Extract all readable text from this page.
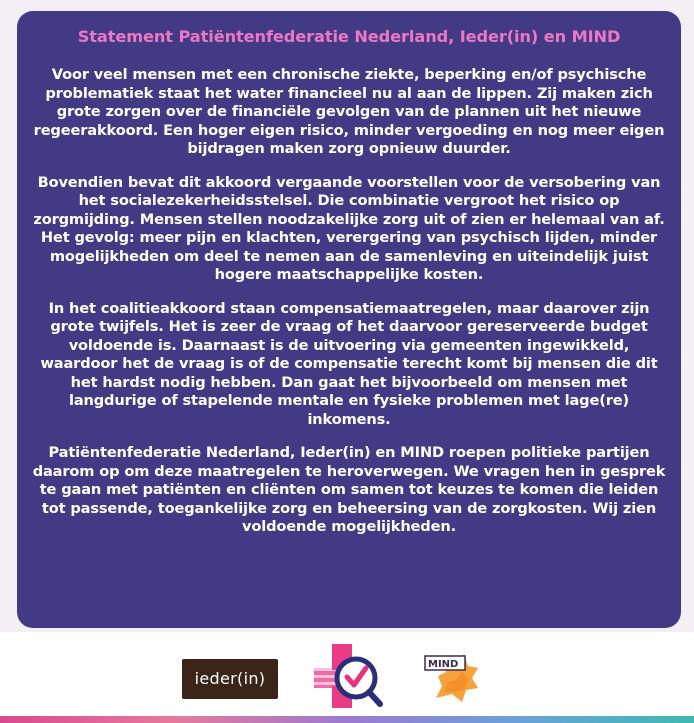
Statement Patiëntenfederatie Nederland, Ieder(in) en MIND

Voor veel mensen met een chronische ziekte, beperking en/of psychische problematiek staat het water financieel nu al aan de lippen. Zij maken zich grote zorgen over de financiële gevolgen van de plannen uit het nieuwe regeerakkoord. Een hoger eigen risico, minder vergoeding en nog meer eigen bijdragen maken zorg opnieuw duurder.

Bovendien bevat dit akkoord vergaande voorstellen voor de versobering van het socialezekerheidsstelsel. Die combinatie vergroot het risico op zorgmijding. Mensen stellen noodzakelijke zorg uit of zien er helemaal van af. Het gevolg: meer pijn en klachten, verergering van psychisch lijden, minder mogelijkheden om deel te nemen aan de samenleving en uiteindelijk juist hogere maatschappelijke kosten.

In het coalitieakkoord staan compensatiemaatregelen, maar daarover zijn grote twijfels. Het is zeer de vraag of het daarvoor gereserveerde budget voldoende is. Daarnaast is de uitvoering via gemeenten ingewikkeld, waardoor het de vraag is of de compensatie terecht komt bij mensen die dit het hardst nodig hebben. Dan gaat het bijvoorbeeld om mensen met langdurige of stapelende mentale en fysieke problemen met lage(re) inkomens.

Patiëntenfederatie Nederland, Ieder(in) en MIND roepen politieke partijen daarom op om deze maatregelen te heroverwegen. We vragen hen in gesprek te gaan met patiënten en cliënten om samen tot keuzes te komen die leiden tot passende, toegankelijke zorg en beheersing van de zorgkosten. Wij zien voldoende mogelijkheden.

ieder(in)
MIND
